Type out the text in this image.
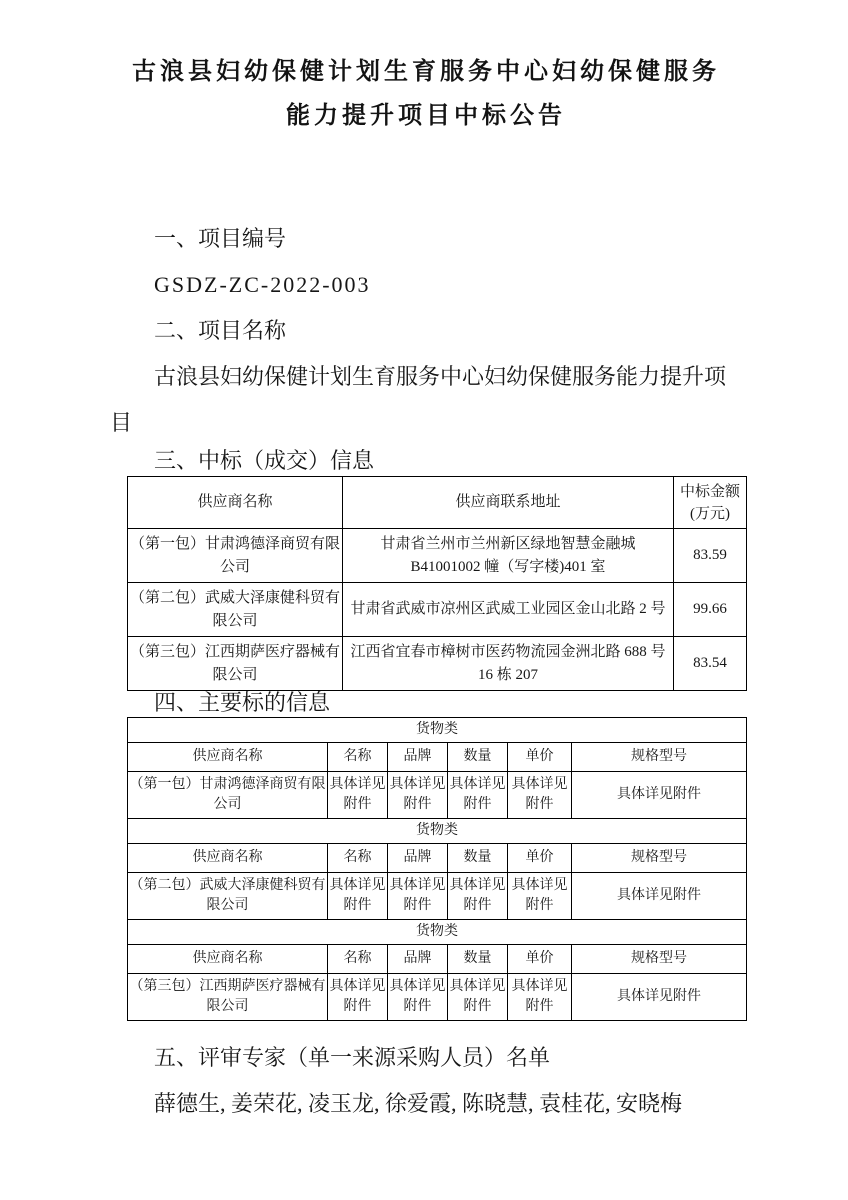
古浪县妇幼保健计划生育服务中心妇幼保健服务
能力提升项目中标公告

一、项目编号

GSDZ-ZC-2022-003

二、项目名称

古浪县妇幼保健计划生育服务中心妇幼保健服务能力提升项目

三、中标（成交）信息

供应商名称	供应商联系地址	中标金额
(万元)

（第一包）甘肃鸿德泽商贸有限公司	甘肃省兰州市兰州新区绿地智慧金融城 B41001002 幢（写字楼)401 室	83.59
（第二包）武威大泽康健科贸有限公司	甘肃省武威市凉州区武威工业园区金山北路 2 号	99.66
（第三包）江西期萨医疗器械有限公司	江西省宜春市樟树市医药物流园金洲北路 688 号 16 栋 207	83.54

四、主要标的信息

货物类					
供应商名称	名称	品牌	数量	单价	规格型号
（第一包）甘肃鸿德泽商贸有限公司	具体详见附件	具体详见附件	具体详见附件	具体详见附件	具体详见附件
货物类					
供应商名称	名称	品牌	数量	单价	规格型号
（第二包）武威大泽康健科贸有限公司	具体详见附件	具体详见附件	具体详见附件	具体详见附件	具体详见附件
货物类					
供应商名称	名称	品牌	数量	单价	规格型号
（第三包）江西期萨医疗器械有限公司	具体详见附件	具体详见附件	具体详见附件	具体详见附件	具体详见附件

五、评审专家（单一来源采购人员）名单

薛德生, 姜荣花, 凌玉龙, 徐爱霞, 陈晓慧, 袁桂花, 安晓梅
